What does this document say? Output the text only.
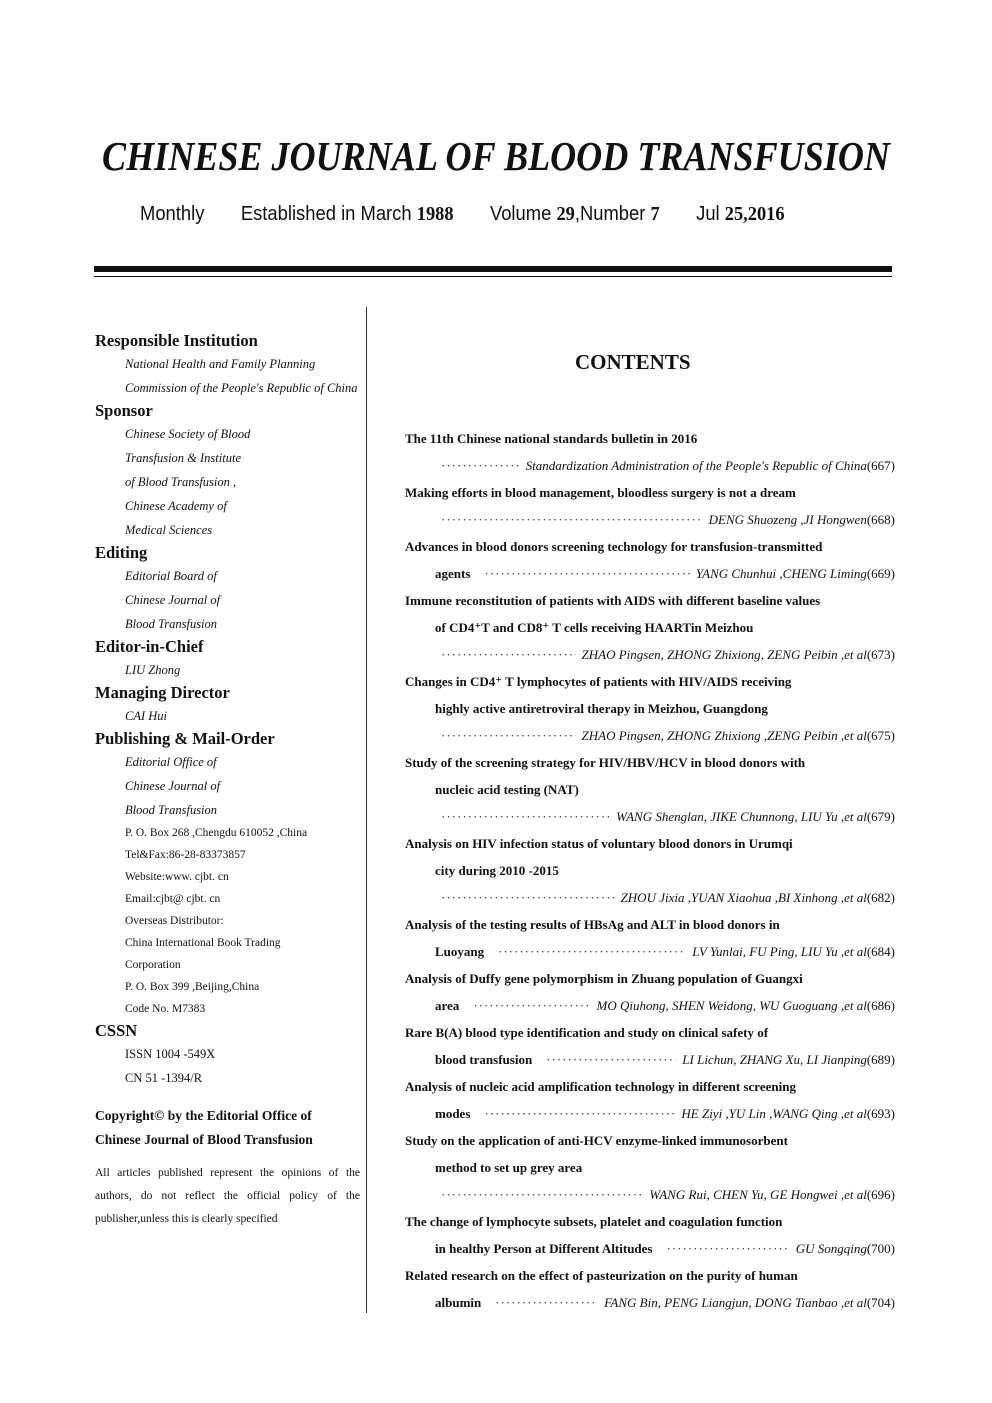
CHINESE JOURNAL OF BLOOD TRANSFUSION
Monthly Established in March 1988 Volume 29,Number 7 Jul 25,2016
Responsible Institution
National Health and Family Planning
Commission of the People's Republic of China
Sponsor
Chinese Society of Blood
Transfusion & Institute
of Blood Transfusion ,
Chinese Academy of
Medical Sciences
Editing
Editorial Board of
Chinese Journal of
Blood Transfusion
Editor-in-Chief
LIU Zhong
Managing Director
CAI Hui
Publishing & Mail-Order
Editorial Office of
Chinese Journal of
Blood Transfusion
P. O. Box 268 ,Chengdu 610052 ,China
Tel&Fax:86-28-83373857
Website:www. cjbt. cn
Email:cjbt@ cjbt. cn
Overseas Distributor:
China International Book Trading
Corporation
P. O. Box 399 ,Beijing,China
Code No. M7383
CSSN
ISSN 1004 -549X
CN 51 -1394/R
Copyright© by the Editorial Office of
Chinese Journal of Blood Transfusion
All articles published represent the opinions of the authors, do not reflect the official policy of the publisher,unless this is clearly specified
CONTENTS
The 11th Chinese national standards bulletin in 2016
·····
Standardization Administration of the People's Republic of China (667)
Making efforts in blood management, bloodless surgery is not a dream
·····
DENG Shuozeng ,JI Hongwen (668)
Advances in blood donors screening technology for transfusion-transmitted
agents ·····	YANG Chunhui ,CHENG Liming (669)
Immune reconstitution of patients with AIDS with different baseline values
of CD4⁺T and CD8⁺ T cells receiving HAARTin Meizhou
·····
ZHAO Pingsen, ZHONG Zhixiong, ZENG Peibin ,et al (673)
Changes in CD4⁺ T lymphocytes of patients with HIV/AIDS receiving
highly active antiretroviral therapy in Meizhou, Guangdong
·····
ZHAO Pingsen, ZHONG Zhixiong ,ZENG Peibin ,et al (675)
Study of the screening strategy for HIV/HBV/HCV in blood donors with
nucleic acid testing (NAT)
·····
WANG Shenglan, JIKE Chunnong, LIU Yu ,et al (679)
Analysis on HIV infection status of voluntary blood donors in Urumqi
city during 2010 -2015
·····
ZHOU Jixia ,YUAN Xiaohua ,BI Xinhong ,et al (682)
Analysis of the testing results of HBsAg and ALT in blood donors in
Luoyang ·····	LV Yunlai, FU Ping, LIU Yu ,et al (684)
Analysis of Duffy gene polymorphism in Zhuang population of Guangxi
area ·····	MO Qiuhong, SHEN Weidong, WU Guoguang ,et al (686)
Rare B(A) blood type identification and study on clinical safety of
blood transfusion ·····	LI Lichun, ZHANG Xu, LI Jianping (689)
Analysis of nucleic acid amplification technology in different screening
modes ·····	HE Ziyi ,YU Lin ,WANG Qing ,et al (693)
Study on the application of anti-HCV enzyme-linked immunosorbent
method to set up grey area
·····
WANG Rui, CHEN Yu, GE Hongwei ,et al (696)
The change of lymphocyte subsets, platelet and coagulation function
in healthy Person at Different Altitudes ·····	GU Songqing (700)
Related research on the effect of pasteurization on the purity of human
albumin ·····	FANG Bin, PENG Liangjun, DONG Tianbao ,et al (704)
